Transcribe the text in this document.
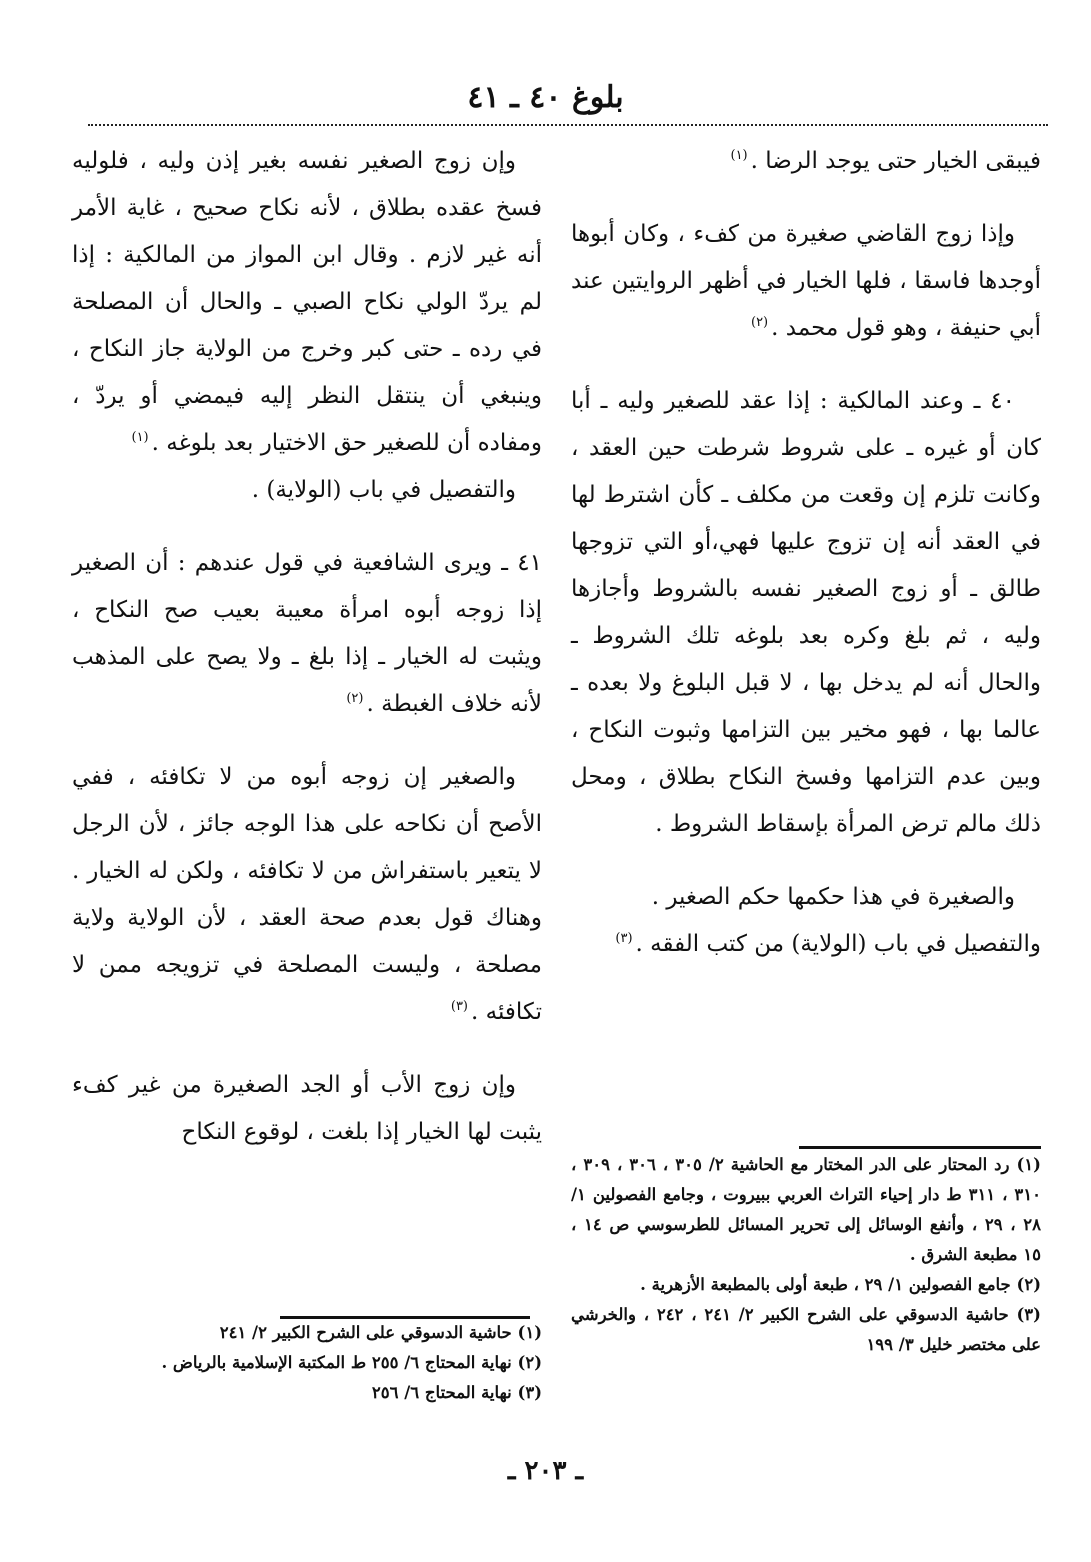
بلوغ ٤٠ ـ ٤١

فيبقى الخيار حتى يوجد الرضا .$^{(١)}$

وإذا زوج القاضي صغيرة من كفء ، وكان أبوها أوجدها فاسقا ، فلها الخيار في أظهر الروايتين عند أبي حنيفة ، وهو قول محمد .$^{(٢)}$

٤٠ ـ وعند المالكية : إذا عقد للصغير وليه ـ أبا كان أو غيره ـ على شروط شرطت حين العقد ، وكانت تلزم إن وقعت من مكلف ـ كأن اشترط لها في العقد أنه إن تزوج عليها فهي،أو التي تزوجها طالق ـ أو زوج الصغير نفسه بالشروط وأجازها وليه ، ثم بلغ وكره بعد بلوغه تلك الشروط ـ والحال أنه لم يدخل بها ، لا قبل البلوغ ولا بعده ـ عالما بها ، فهو مخير بين التزامها وثبوت النكاح ، وبين عدم التزامها وفسخ النكاح بطلاق ، ومحل ذلك مالم ترض المرأة بإسقاط الشروط .

والصغيرة في هذا حكمها حكم الصغير .

والتفصيل في باب (الولاية) من كتب الفقه .$^{(٣)}$

وإن زوج الصغير نفسه بغير إذن وليه ، فلوليه فسخ عقده بطلاق ، لأنه نكاح صحيح ، غاية الأمر أنه غير لازم . وقال ابن المواز من المالكية : إذا لم يردّ الولي نكاح الصبي ـ والحال أن المصلحة في رده ـ حتى كبر وخرج من الولاية جاز النكاح ، وينبغي أن ينتقل النظر إليه فيمضي أو يردّ ، ومفاده أن للصغير حق الاختيار بعد بلوغه .$^{(١)}$

والتفصيل في باب (الولاية) .

٤١ ـ ويرى الشافعية في قول عندهم : أن الصغير إذا زوجه أبوه امرأة معيبة بعيب صح النكاح ، ويثبت له الخيار ـ إذا بلغ ـ ولا يصح على المذهب لأنه خلاف الغبطة .$^{(٢)}$

والصغير إن زوجه أبوه من لا تكافئه ، ففي الأصح أن نكاحه على هذا الوجه جائز ، لأن الرجل لا يتعير باستفراش من لا تكافئه ، ولكن له الخيار . وهناك قول بعدم صحة العقد ، لأن الولاية ولاية مصلحة ، وليست المصلحة في تزويجه ممن لا تكافئه .$^{(٣)}$

وإن زوج الأب أو الجد الصغيرة من غير كفء يثبت لها الخيار إذا بلغت ، لوقوع النكاح

(١) رد المحتار على الدر المختار مع الحاشية ٢/ ٣٠٥ ، ٣٠٦ ، ٣٠٩ ، ٣١٠ ، ٣١١ ط دار إحياء التراث العربي ببيروت ، وجامع الفصولين ١/ ٢٨ ، ٢٩ ، وأنفع الوسائل إلى تحرير المسائل للطرسوسي ص ١٤ ، ١٥ مطبعة الشرق .

(٢) جامع الفصولين ١/ ٢٩ ، طبعة أولى بالمطبعة الأزهرية .

(٣) حاشية الدسوقي على الشرح الكبير ٢/ ٢٤١ ، ٢٤٢ ، والخرشي على مختصر خليل ٣/ ١٩٩

(١) حاشية الدسوقي على الشرح الكبير ٢/ ٢٤١

(٢) نهاية المحتاج ٦/ ٢٥٥ ط المكتبة الإسلامية بالرياض .

(٣) نهاية المحتاج ٦/ ٢٥٦

ـ ٢٠٣ ـ
